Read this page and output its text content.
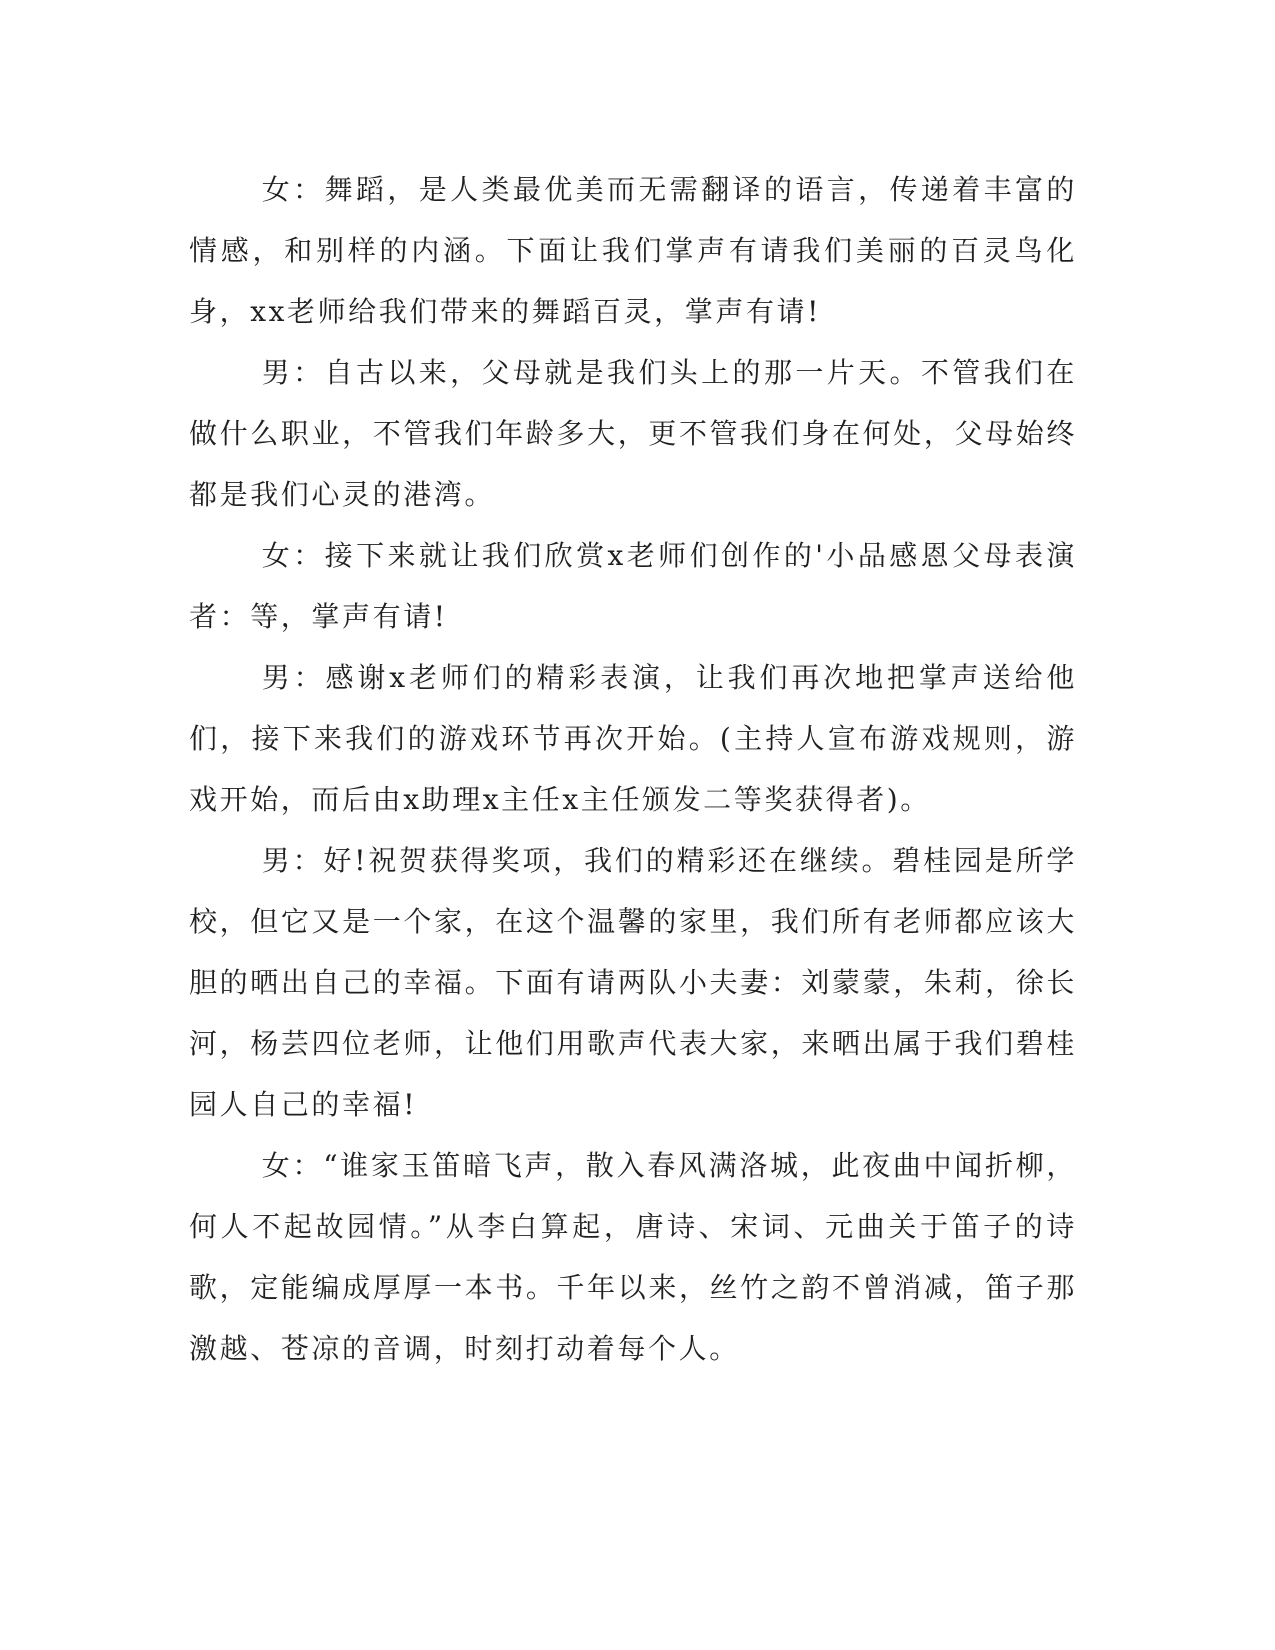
女：舞蹈，是人类最优美而无需翻译的语言，传递着丰富的情感，和别样的内涵。下面让我们掌声有请我们美丽的百灵鸟化身，xx老师给我们带来的舞蹈百灵，掌声有请!

男：自古以来，父母就是我们头上的那一片天。不管我们在做什么职业，不管我们年龄多大，更不管我们身在何处，父母始终都是我们心灵的港湾。

女：接下来就让我们欣赏x老师们创作的'小品感恩父母表演者：等，掌声有请!

男：感谢x老师们的精彩表演，让我们再次地把掌声送给他们，接下来我们的游戏环节再次开始。(主持人宣布游戏规则，游戏开始，而后由x助理x主任x主任颁发二等奖获得者)。

男：好!祝贺获得奖项，我们的精彩还在继续。碧桂园是所学校，但它又是一个家，在这个温馨的家里，我们所有老师都应该大胆的晒出自己的幸福。下面有请两队小夫妻：刘蒙蒙，朱莉，徐长河，杨芸四位老师，让他们用歌声代表大家，来晒出属于我们碧桂园人自己的幸福!

女：“谁家玉笛暗飞声，散入春风满洛城，此夜曲中闻折柳，何人不起故园情。”从李白算起，唐诗、宋词、元曲关于笛子的诗歌，定能编成厚厚一本书。千年以来，丝竹之韵不曾消减，笛子那激越、苍凉的音调，时刻打动着每个人。
